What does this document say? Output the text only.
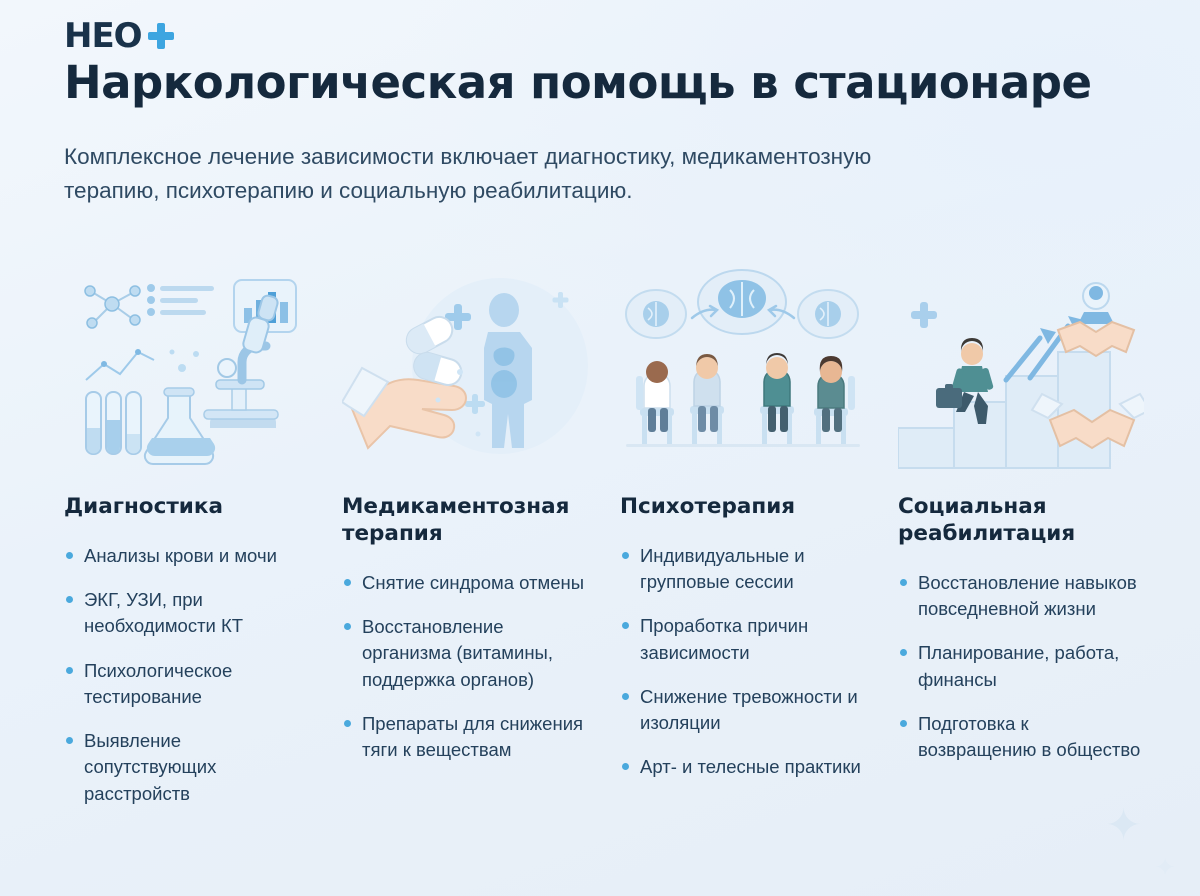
HEO
Наркологическая помощь в стационаре
Комплексное лечение зависимости включает диагностику, медикаментозную терапию, психотерапию и социальную реабилитацию.
Диагностика
Анализы крови и мочи
ЭКГ, УЗИ, при необходимости КТ
Психологическое тестирование
Выявление сопутствующих расстройств
Медикаментозная терапия
Снятие синдрома отмены
Восстановление организма (витамины, поддержка органов)
Препараты для снижения тяги к веществам
Психотерапия
Индивидуальные и групповые сессии
Проработка причин зависимости
Снижение тревожности и изоляции
Арт- и телесные практики
Социальная реабилитация
Восстановление навыков повседневной жизни
Планирование, работа, финансы
Подготовка к возвращению в общество
✦
✦
